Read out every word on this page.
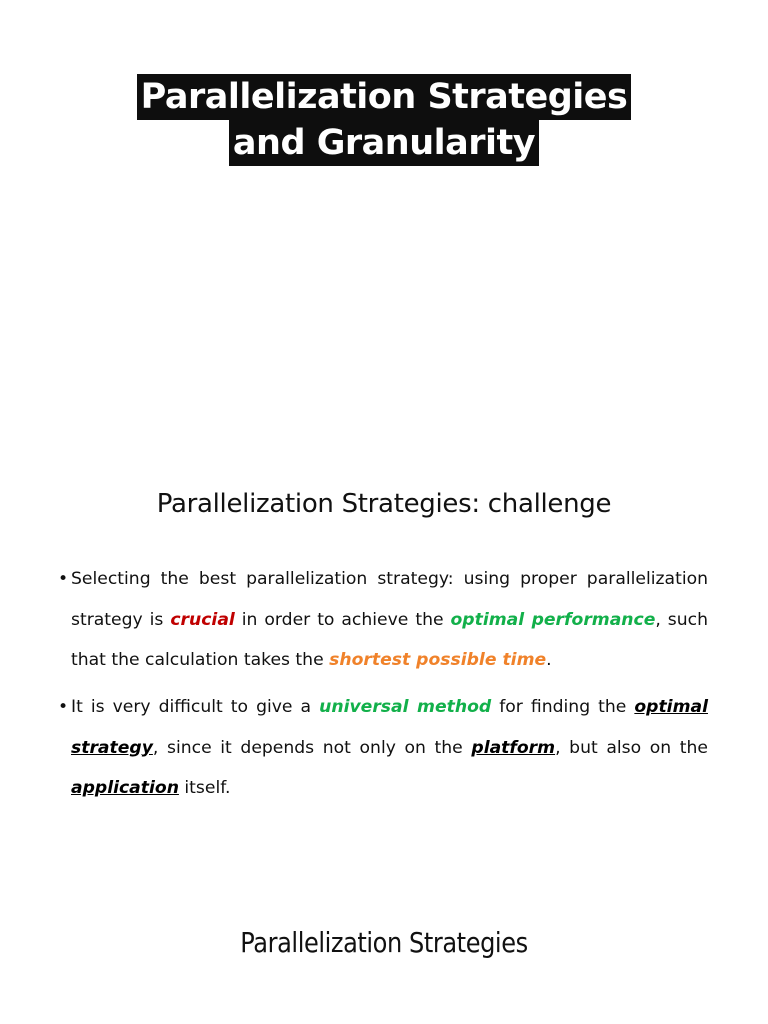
Parallelization Strategies
and Granularity
Parallelization Strategies: challenge
• Selecting the best parallelization strategy: using proper parallelization strategy is crucial in order to achieve the optimal performance, such that the calculation takes the shortest possible time.
• It is very difficult to give a universal method for finding the optimal strategy, since it depends not only on the platform, but also on the application itself.
Parallelization Strategies
